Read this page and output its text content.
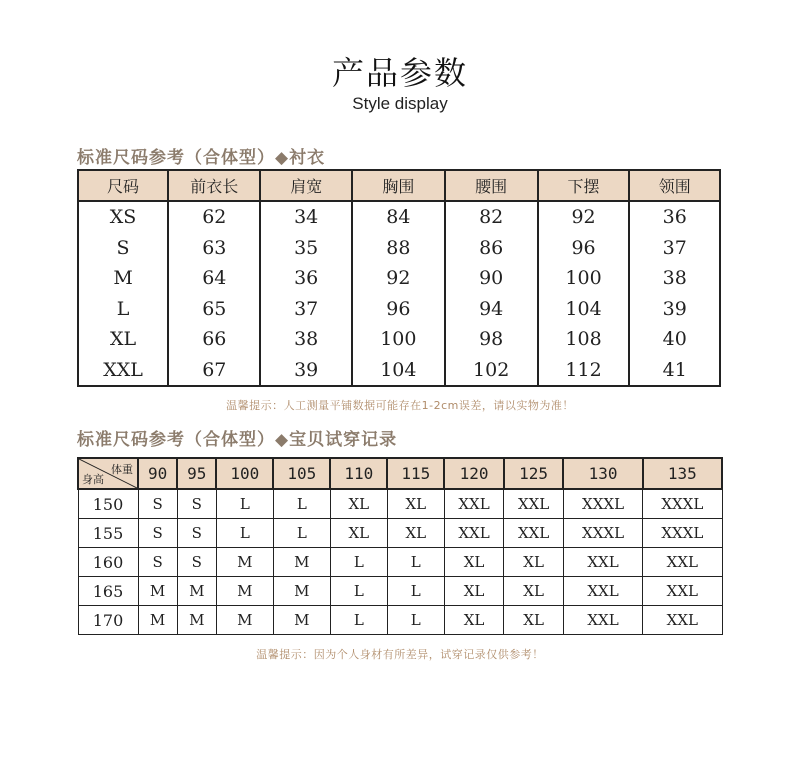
产品参数
Style display
标准尺码参考（合体型）◆衬衣
尺码	前衣长	肩宽	胸围	腰围	下摆	领围
XS	62	34	84	82	92	36
S	63	35	88	86	96	37
M	64	36	92	90	100	38
L	65	37	96	94	104	39
XL	66	38	100	98	108	40
XXL	67	39	104	102	112	41
温馨提示：人工测量平铺数据可能存在1-2cm误差，请以实物为准！
标准尺码参考（合体型）◆宝贝试穿记录
体重
身高	90	95	100	105	110	115	120	125	130	135
150	S	S	L	L	XL	XL	XXL	XXL	XXXL	XXXL
155	S	S	L	L	XL	XL	XXL	XXL	XXXL	XXXL
160	S	S	M	M	L	L	XL	XL	XXL	XXL
165	M	M	M	M	L	L	XL	XL	XXL	XXL
170	M	M	M	M	L	L	XL	XL	XXL	XXL
温馨提示：因为个人身材有所差异，试穿记录仅供参考！
